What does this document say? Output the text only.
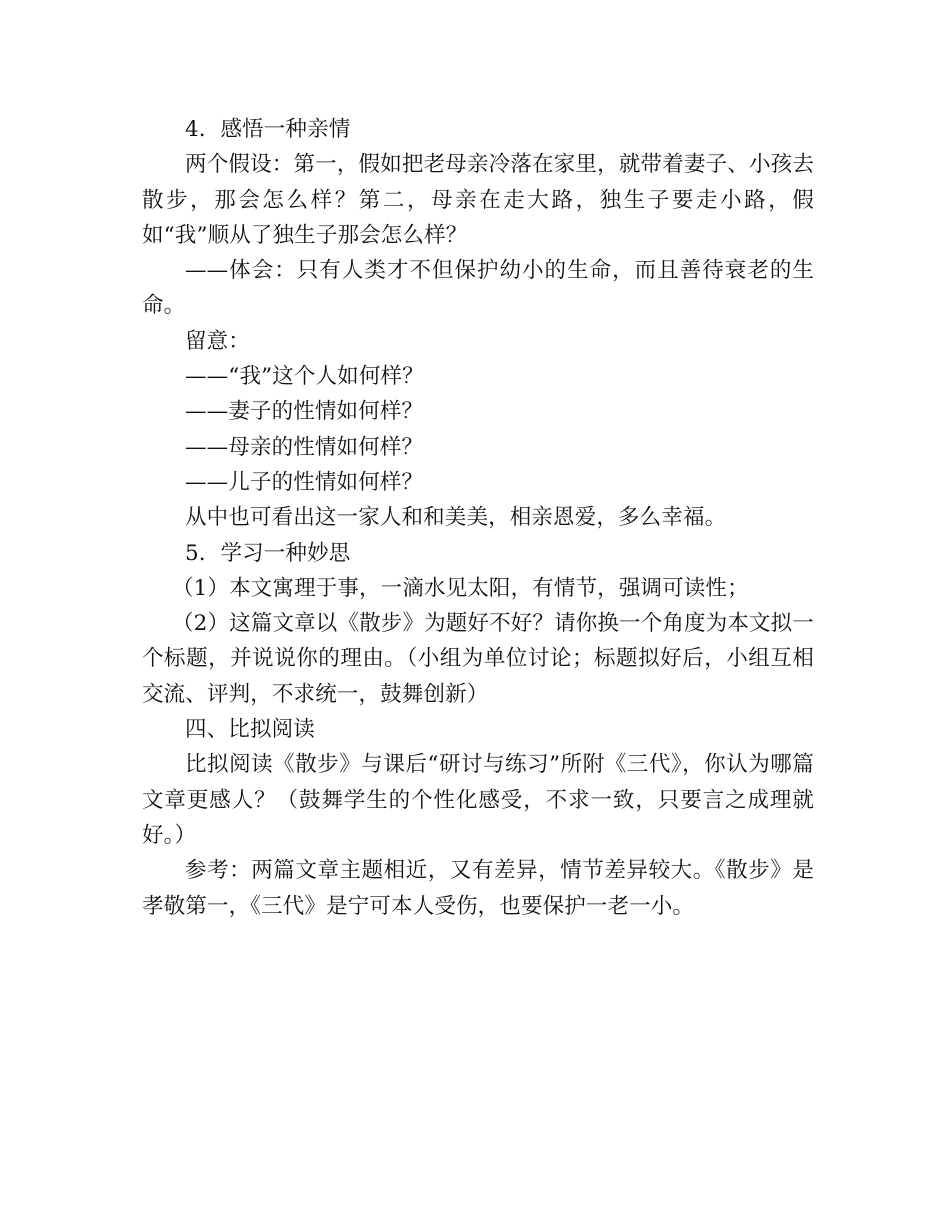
4．感悟一种亲情

两个假设：第一，假如把老母亲冷落在家里，就带着妻子、小孩去散步，那会怎么样？第二，母亲在走大路，独生子要走小路，假如“我”顺从了独生子那会怎么样？

——体会：只有人类才不但保护幼小的生命，而且善待衰老的生命。

留意：

——“我”这个人如何样？

——妻子的性情如何样？

——母亲的性情如何样？

——儿子的性情如何样？

从中也可看出这一家人和和美美，相亲恩爱，多么幸福。

5．学习一种妙思

（1）本文寓理于事，一滴水见太阳，有情节，强调可读性；

（2）这篇文章以《散步》为题好不好？请你换一个角度为本文拟一个标题，并说说你的理由。（小组为单位讨论；标题拟好后，小组互相交流、评判，不求统一，鼓舞创新）

四、比拟阅读

比拟阅读《散步》与课后“研讨与练习”所附《三代》，你认为哪篇文章更感人？（鼓舞学生的个性化感受，不求一致，只要言之成理就好。）

参考：两篇文章主题相近，又有差异，情节差异较大。《散步》是孝敬第一，《三代》是宁可本人受伤，也要保护一老一小。
